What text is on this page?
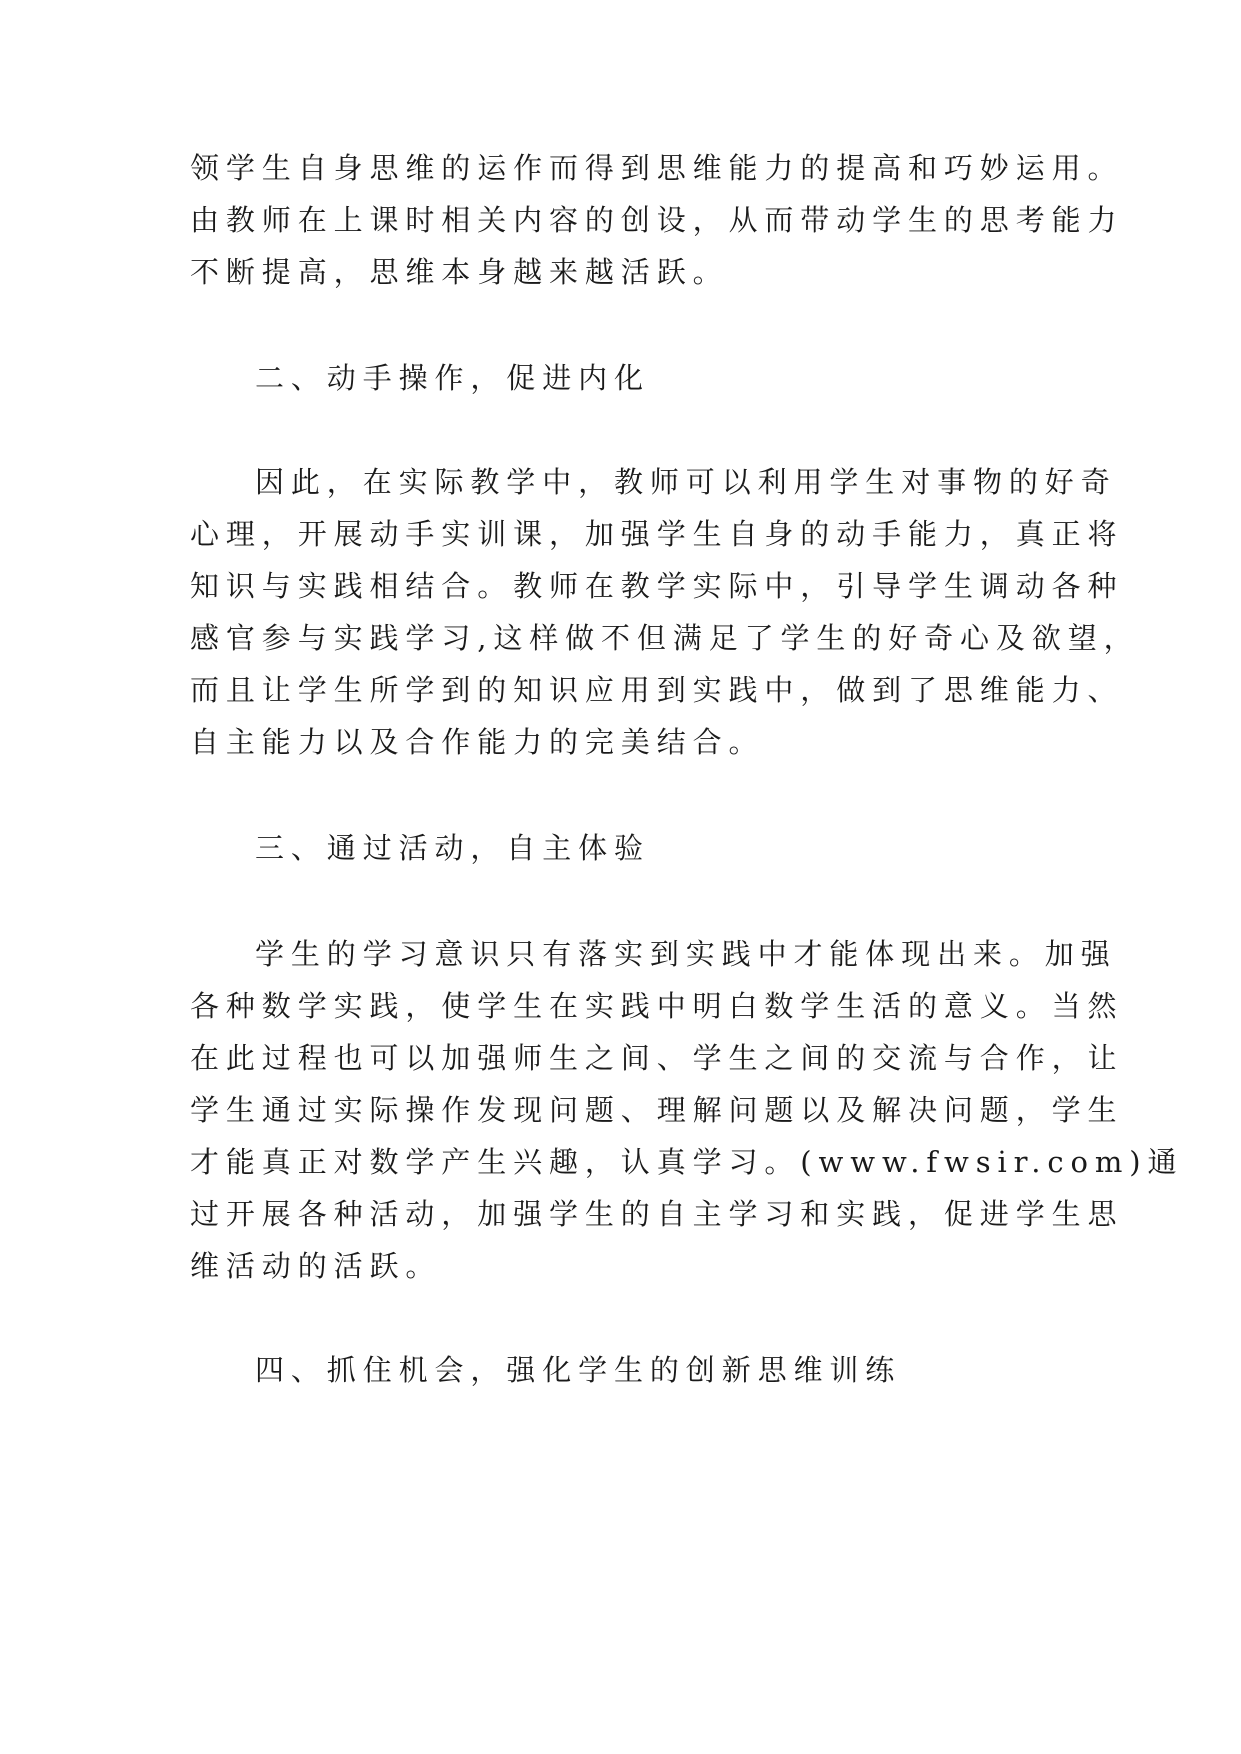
领学生自身思维的运作而得到思维能力的提高和巧妙运用。

由教师在上课时相关内容的创设，从而带动学生的思考能力

不断提高，思维本身越来越活跃。

二、动手操作，促进内化

因此，在实际教学中，教师可以利用学生对事物的好奇

心理，开展动手实训课，加强学生自身的动手能力，真正将

知识与实践相结合。教师在教学实际中，引导学生调动各种

感官参与实践学习,这样做不但满足了学生的好奇心及欲望，

而且让学生所学到的知识应用到实践中，做到了思维能力、

自主能力以及合作能力的完美结合。

三、通过活动，自主体验

学生的学习意识只有落实到实践中才能体现出来。加强

各种数学实践，使学生在实践中明白数学生活的意义。当然

在此过程也可以加强师生之间、学生之间的交流与合作，让

学生通过实际操作发现问题、理解问题以及解决问题，学生

才能真正对数学产生兴趣，认真学习。(www.fwsir.com)通

过开展各种活动，加强学生的自主学习和实践，促进学生思

维活动的活跃。

四、抓住机会，强化学生的创新思维训练
